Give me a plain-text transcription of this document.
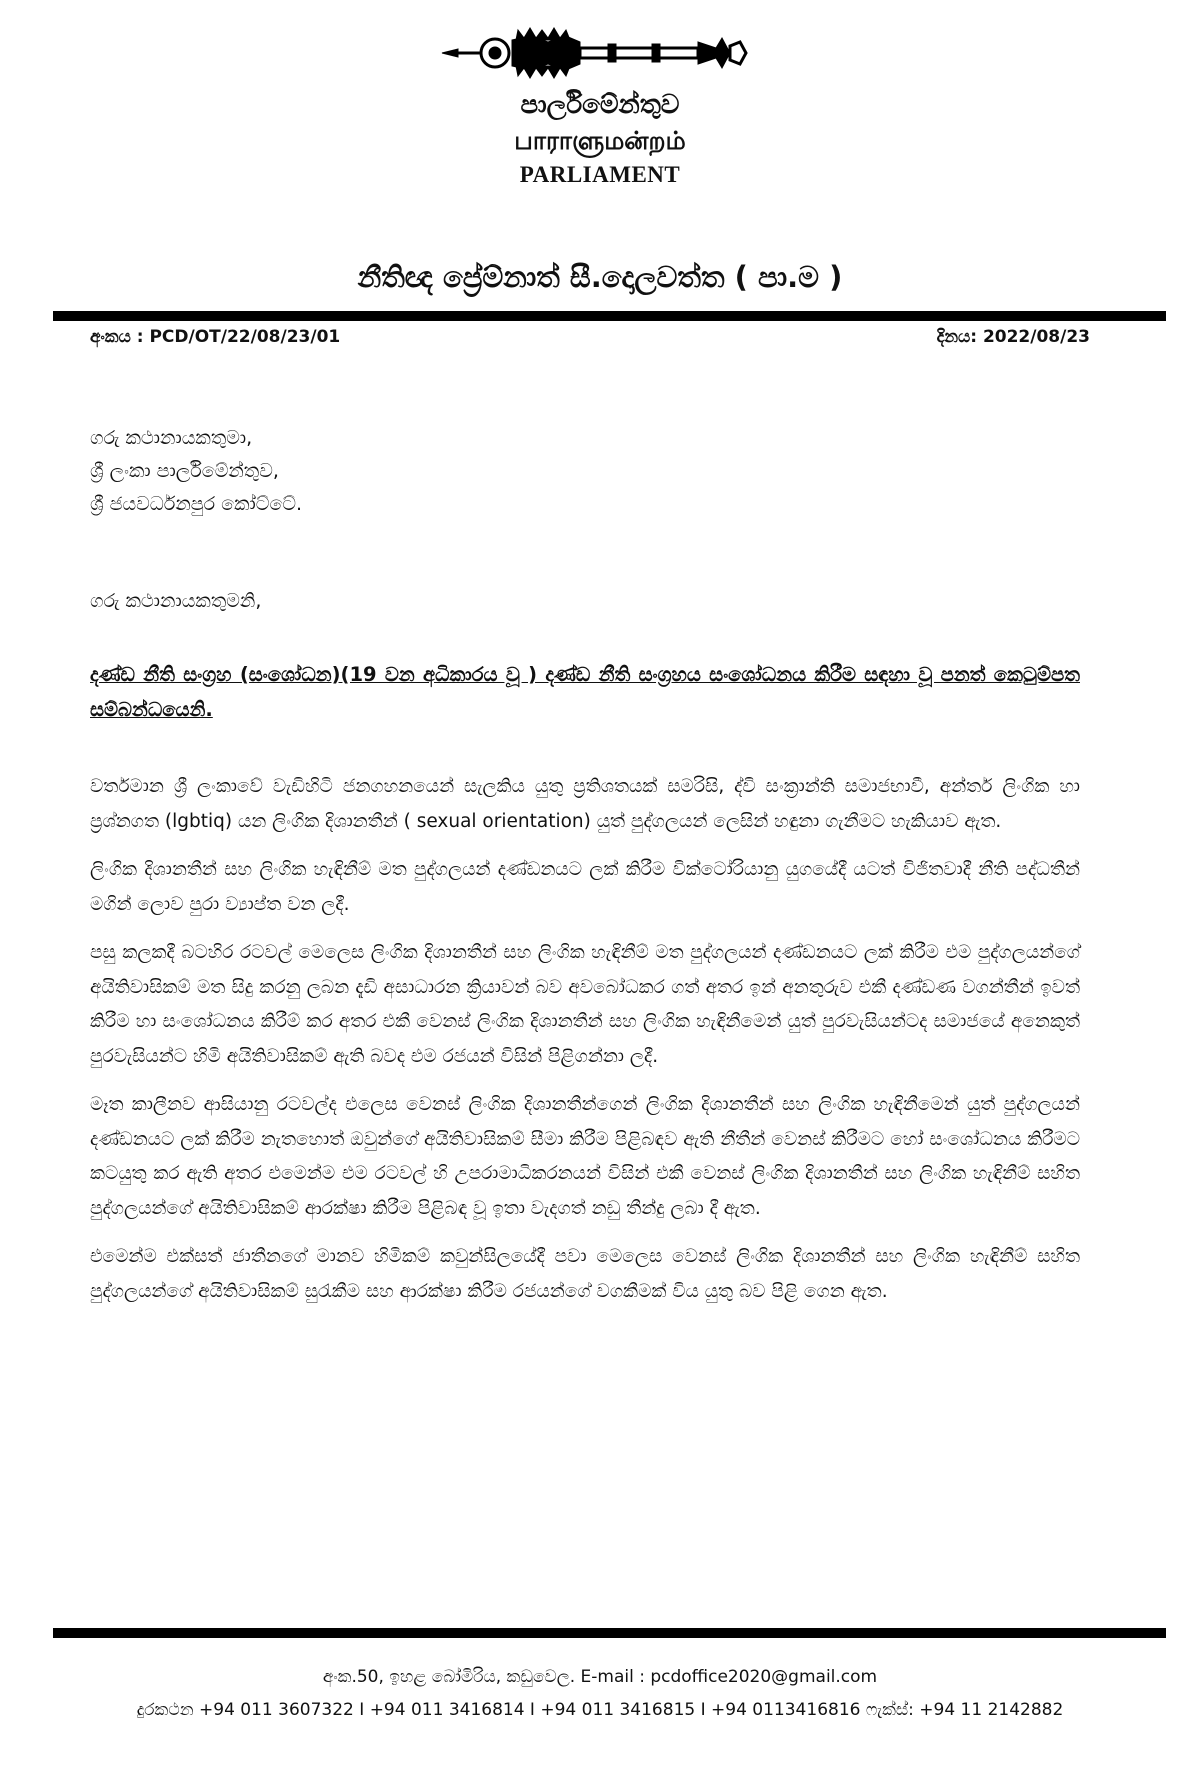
පාර්ලිමේන්තුව
பாராளுமன்றம்
PARLIAMENT
නීතිඥ ප්‍රේම්නාත් සී.දොලවත්ත ( පා.ම )
අංකය : PCD/OT/22/08/23/01	දිනය: 2022/08/23
ගරු කථානායකතුමා,
ශ්‍රී ලංකා පාර්ලිමේන්තුව,
ශ්‍රී ජයවර්ධනපුර කෝට්ටේ.
ගරු කථානායකතුමනි,
දණ්ඩ නීති සංග්‍රහ (සංශෝධන)(19 වන අධිකාරය වූ ) දණ්ඩ නීති සංග්‍රහය සංශෝධනය කිරීම සඳහා වූ පනත් කෙටුම්පත සම්බන්ධයෙනි.

වර්තමාන ශ්‍රී ලංකාවේ වැඩිහිටි ජනගහනයෙන් සැලකිය යුතු ප්‍රතිශතයක් සමරිසි, ද්වි සංක්‍රාන්ති සමාජභාවී, අන්තර් ලිංගික හා ප්‍රශ්නගත (lgbtiq) යන ලිංගික දිශානතීන් ( sexual orientation) යුත් පුද්ගලයන් ලෙසින් හඳුනා ගැනීමට හැකියාව ඇත.

ලිංගික දිශානතීන් සහ ලිංගික හැඳිනීම් මත පුද්ගලයන් දණ්ඩනයට ලක් කිරීම වික්ටෝරියානු යුගයේදී යටත් විජිතවාදී නීති පද්ධතීන් මගින් ලොව පුරා ව්‍යාප්ත වන ලදී.

පසු කලකදී බටහිර රටවල් මෙලෙස ලිංගික දිශානතීන් සහ ලිංගික හැඳිනීම් මත පුද්ගලයන් දණ්ඩනයට ලක් කිරීම එම පුද්ගලයන්ගේ අයිතිවාසිකම් මත සිදු කරනු ලබන දැඩි අසාධාරන ක්‍රියාවන් බව අවබෝධකර ගත් අතර ඉන් අනතුරුව එකී දණ්ඩණ වගන්තීන් ඉවත් කිරීම හා සංශෝධනය කිරීම් කර අතර එකී වෙනස් ලිංගික දිශානතීන් සහ ලිංගික හැඳිනීමෙන් යුත් පුරවැසියන්ටද සමාජයේ අනෙකුත් පුරවැසියන්ට හිමි අයිතිවාසිකම් ඇති බවද එම රජයන් විසින් පිළිගන්නා ලදී.

මෑත කාලීනව ආසියානු රටවල්ද එලෙස වෙනස් ලිංගික දිශානතීන්ගෙන් ලිංගික දිශානතීන් සහ ලිංගික හැඳිනීමෙන් යුත් පුද්ගලයන් දණ්ඩනයට ලක් කිරීම නැතහොත් ඔවුන්ගේ අයිතිවාසිකම් සීමා කිරීම පිළිබඳව ඇති නීතීන් වෙනස් කිරීමට හෝ සංශෝධනය කිරීමට කටයුතු කර ඇති අතර එමෙන්ම එම රටවල් හි උපරාමාධිකරනයන් විසින් එකී වෙනස් ලිංගික දිශානතීන් සහ ලිංගික හැඳිනීම් සහිත පුද්ගලයන්ගේ අයිතිවාසිකම් ආරක්ෂා කිරීම පිළිබඳ වූ ඉතා වැදගත් නඩු තීන්දු ලබා දී ඇත.

එමෙන්ම එක්සත් ජාතීනගේ මානව හිමිකම් කවුන්සිලයේදී පවා මෙලෙස වෙනස් ලිංගික දිශානතීන් සහ ලිංගික හැඳිනීම් සහිත පුද්ගලයන්ගේ අයිතිවාසිකම් සුරැකීම සහ ආරක්ෂා කිරීම රජයන්ගේ වගකීමක් විය යුතු බව පිළි ගෙන ඇත.

අංක.50, ඉහළ බෝමිරිය, කඩුවෙල. E-mail : pcdoffice2020@gmail.com
දුරකථන +94 011 3607322 I +94 011 3416814 I +94 011 3416815 I +94 0113416816 ෆැක්ස්: +94 11 2142882
